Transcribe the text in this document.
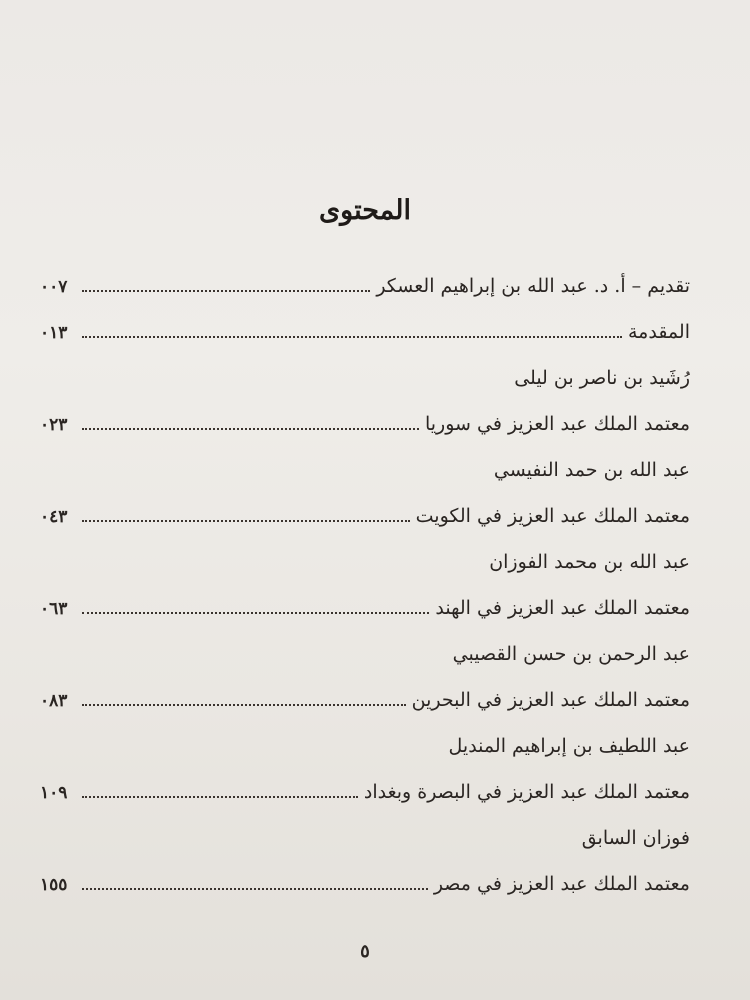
المحتوى
تقديم – أ. د. عبد الله بن إبراهيم العسكر
٠٠٧
المقدمة
٠١٣
رُشَيد بن ناصر بن ليلى
معتمد الملك عبد العزيز في سوريا
٠٢٣
عبد الله بن حمد النفيسي
معتمد الملك عبد العزيز في الكويت
٠٤٣
عبد الله بن محمد الفوزان
معتمد الملك عبد العزيز في الهند
٠٦٣
عبد الرحمن بن حسن القصيبي
معتمد الملك عبد العزيز في البحرين
٠٨٣
عبد اللطيف بن إبراهيم المنديل
معتمد الملك عبد العزيز في البصرة وبغداد
١٠٩
فوزان السابق
معتمد الملك عبد العزيز في مصر
١٥٥
٥
